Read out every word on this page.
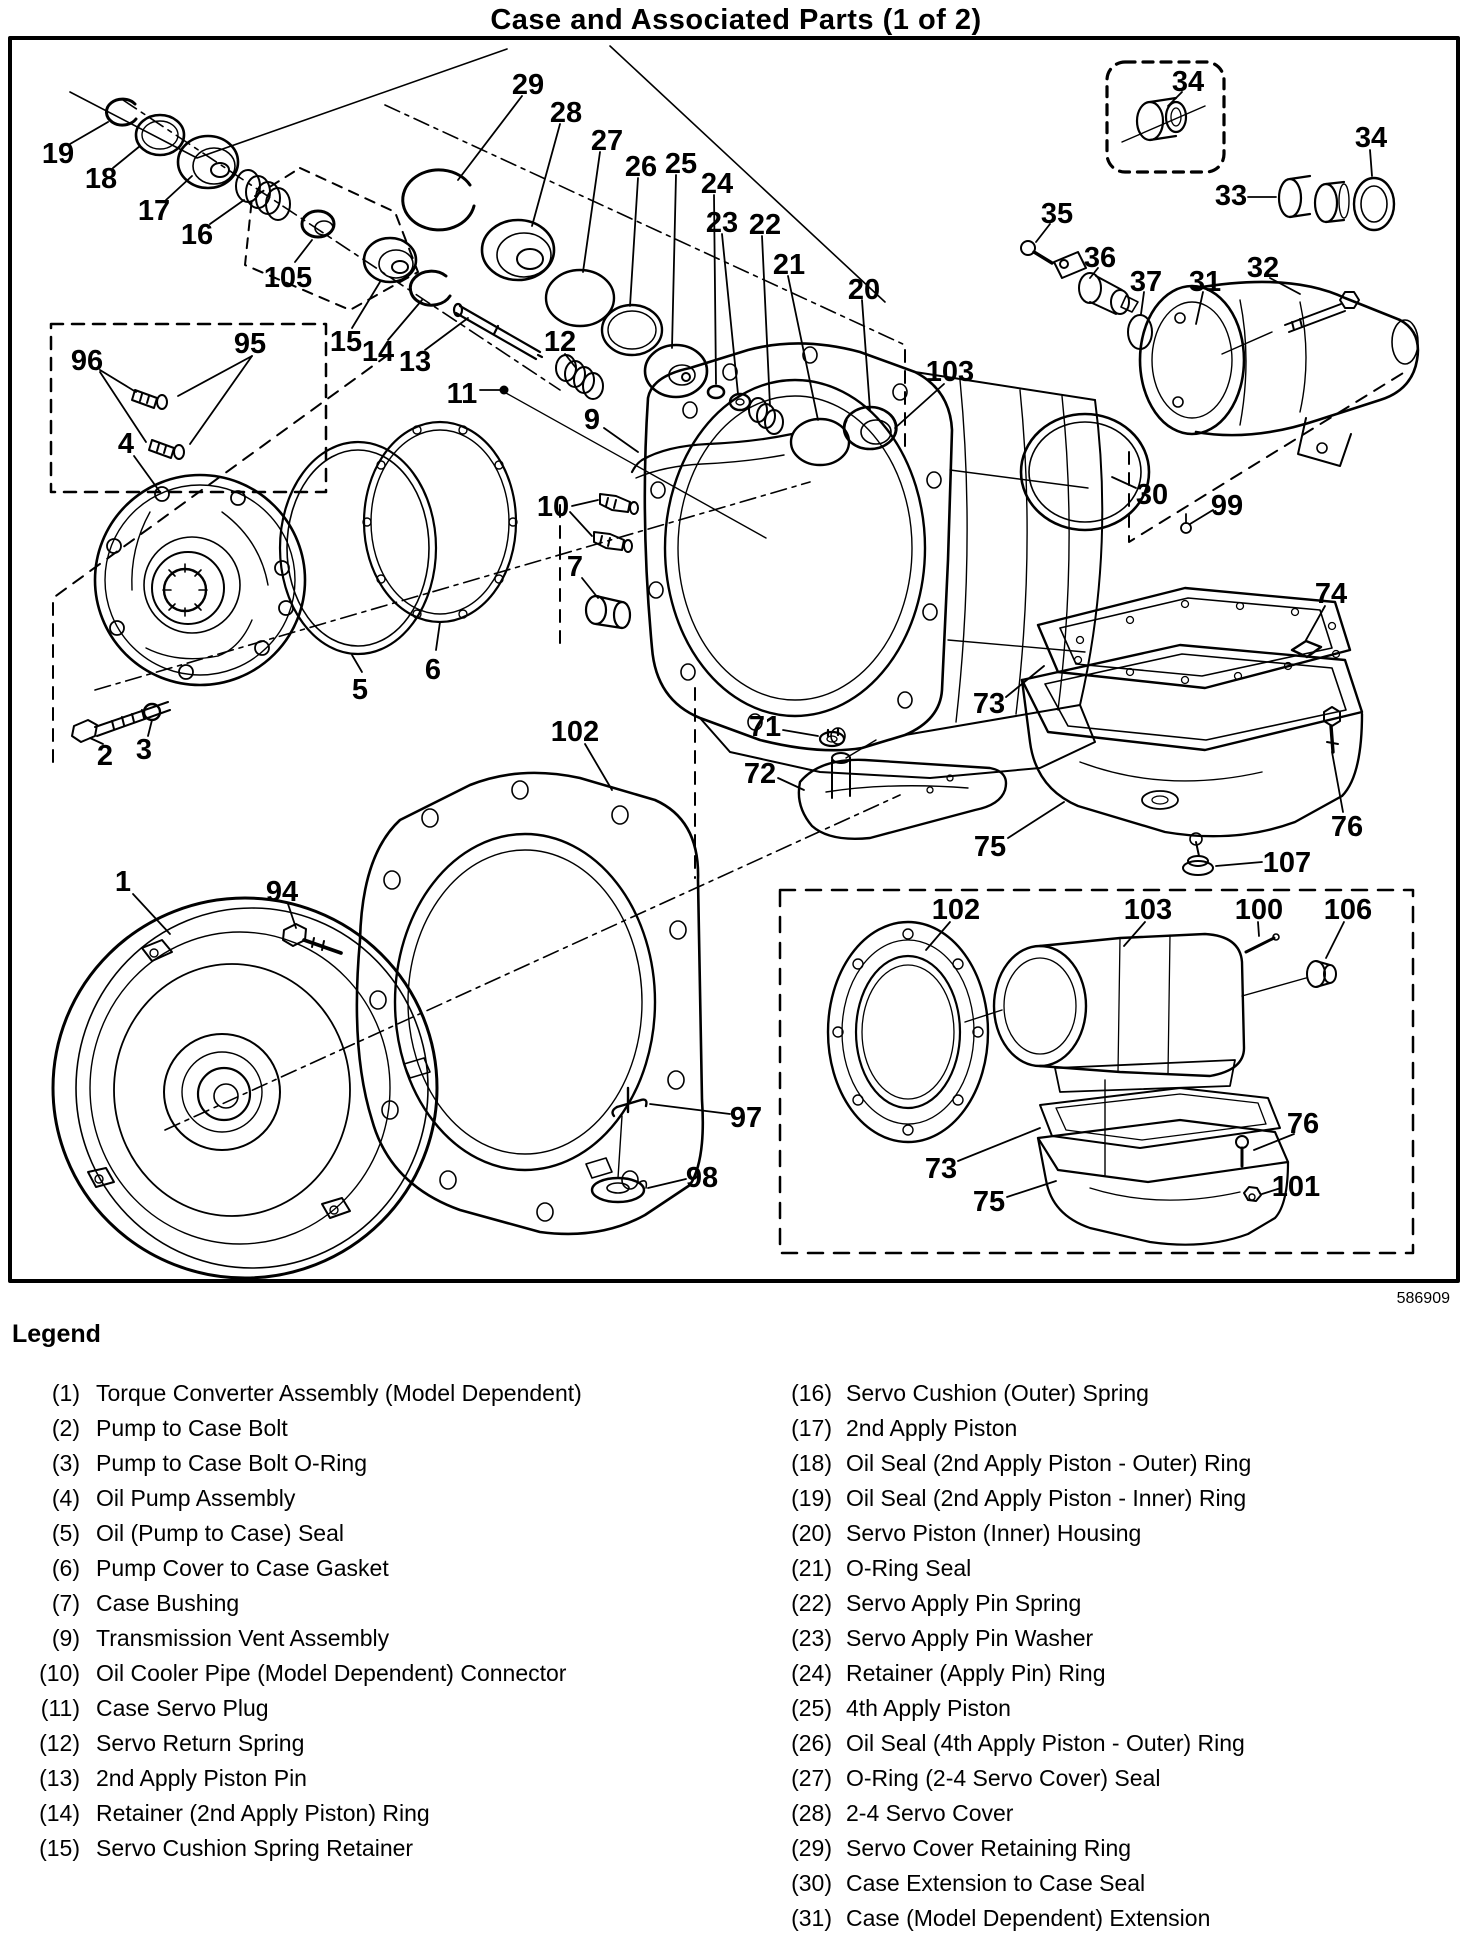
Case and Associated Parts (1 of 2)
19
18
17
16
105
15 14 13
11
12
29
28
27
26 25
24
23 22
21
20
96
95
4
5
6
2 3
9
10
7
103
34
34
33
35
36
37 31 32
30 99
74
73
71
72
75
76
107
102
94
1
97
98
102	103 100 106
73
75
76
101
586909
Legend
(1) Torque Converter Assembly (Model Dependent)
(2) Pump to Case Bolt
(3) Pump to Case Bolt O-Ring
(4) Oil Pump Assembly
(5) Oil (Pump to Case) Seal
(6) Pump Cover to Case Gasket
(7) Case Bushing
(9) Transmission Vent Assembly
(10) Oil Cooler Pipe (Model Dependent) Connector
(11) Case Servo Plug
(12) Servo Return Spring
(13) 2nd Apply Piston Pin
(14) Retainer (2nd Apply Piston) Ring
(15) Servo Cushion Spring Retainer
(16) Servo Cushion (Outer) Spring
(17) 2nd Apply Piston
(18) Oil Seal (2nd Apply Piston - Outer) Ring
(19) Oil Seal (2nd Apply Piston - Inner) Ring
(20) Servo Piston (Inner) Housing
(21) O-Ring Seal
(22) Servo Apply Pin Spring
(23) Servo Apply Pin Washer
(24) Retainer (Apply Pin) Ring
(25) 4th Apply Piston
(26) Oil Seal (4th Apply Piston - Outer) Ring
(27) O-Ring (2-4 Servo Cover) Seal
(28) 2-4 Servo Cover
(29) Servo Cover Retaining Ring
(30) Case Extension to Case Seal
(31) Case (Model Dependent) Extension
